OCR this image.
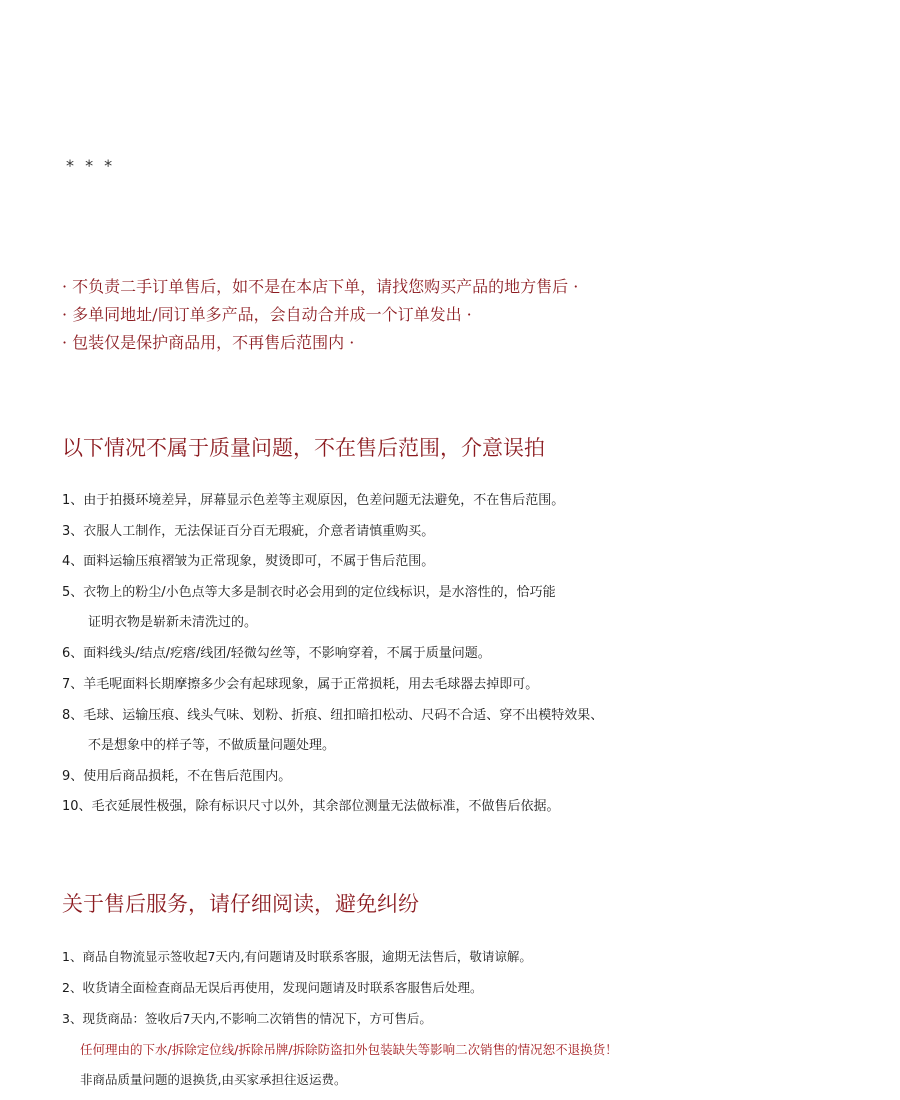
* * *
· 不负责二手订单售后，如不是在本店下单，请找您购买产品的地方售后 ·
· 多单同地址/同订单多产品，会自动合并成一个订单发出 ·
· 包装仅是保护商品用，不再售后范围内 ·
以下情况不属于质量问题，不在售后范围，介意误拍
1、由于拍摄环境差异，屏幕显示色差等主观原因，色差问题无法避免，不在售后范围。
3、衣服人工制作，无法保证百分百无瑕疵，介意者请慎重购买。
4、面料运输压痕褶皱为正常现象，熨烫即可，不属于售后范围。
5、衣物上的粉尘/小色点等大多是制衣时必会用到的定位线标识，是水溶性的，恰巧能
证明衣物是崭新未清洗过的。
6、面料线头/结点/疙瘩/线团/轻微勾丝等，不影响穿着，不属于质量问题。
7、羊毛呢面料长期摩擦多少会有起球现象，属于正常损耗，用去毛球器去掉即可。
8、毛球、运输压痕、线头气味、划粉、折痕、纽扣暗扣松动、尺码不合适、穿不出模特效果、
不是想象中的样子等，不做质量问题处理。
9、使用后商品损耗，不在售后范围内。
10、毛衣延展性极强，除有标识尺寸以外，其余部位测量无法做标准，不做售后依据。
关于售后服务，请仔细阅读，避免纠纷
1、商品自物流显示签收起7天内,有问题请及时联系客服，逾期无法售后，敬请谅解。
2、收货请全面检查商品无误后再使用，发现问题请及时联系客服售后处理。
3、现货商品：签收后7天内,不影响二次销售的情况下，方可售后。
任何理由的下水/拆除定位线/拆除吊牌/拆除防盗扣外包装缺失等影响二次销售的情况恕不退换货！
非商品质量问题的退换货,由买家承担往返运费。
